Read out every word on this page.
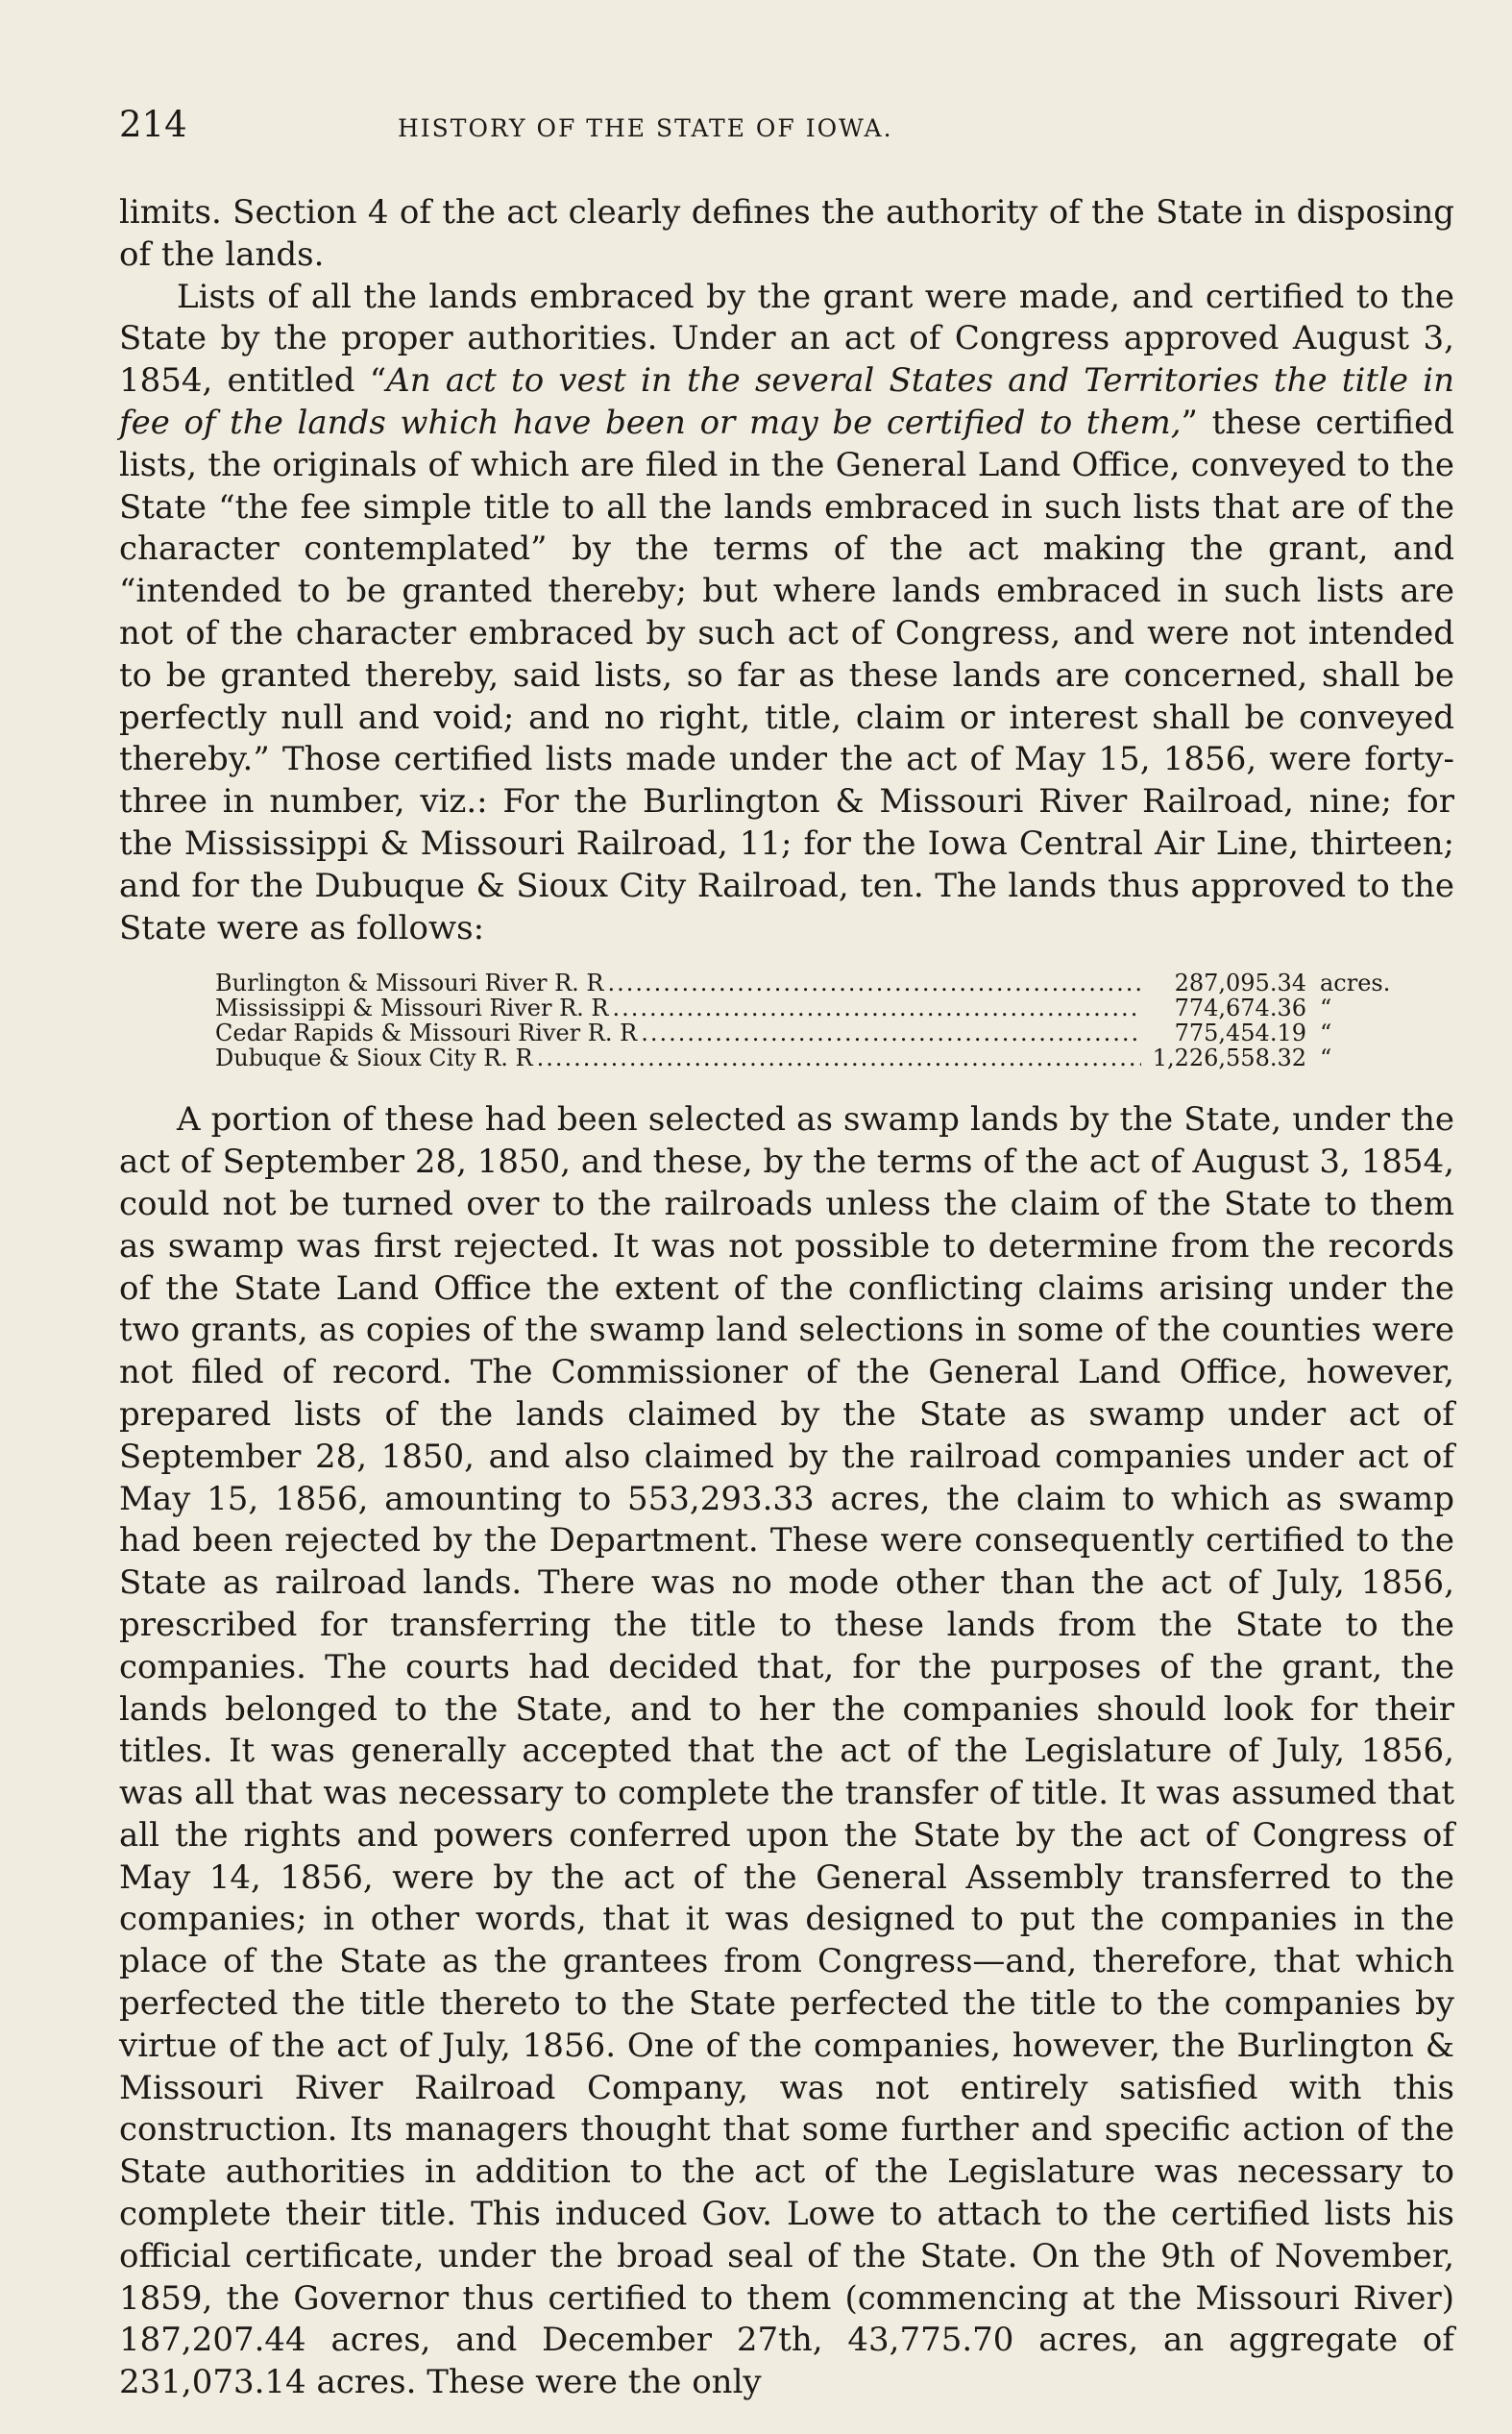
214	HISTORY OF THE STATE OF IOWA.

limits. Section 4 of the act clearly defines the authority of the State in disposing of the lands.

Lists of all the lands embraced by the grant were made, and certified to the State by the proper authorities. Under an act of Congress approved August 3, 1854, entitled “An act to vest in the several States and Territories the title in fee of the lands which have been or may be certified to them,” these certified lists, the originals of which are filed in the General Land Office, conveyed to the State “the fee simple title to all the lands embraced in such lists that are of the character contemplated” by the terms of the act making the grant, and “intended to be granted thereby; but where lands embraced in such lists are not of the character embraced by such act of Congress, and were not intended to be granted thereby, said lists, so far as these lands are concerned, shall be perfectly null and void; and no right, title, claim or interest shall be conveyed thereby.” Those certified lists made under the act of May 15, 1856, were forty-three in number, viz.: For the Burlington & Missouri River Railroad, nine; for the Mississippi & Missouri Railroad, 11; for the Iowa Central Air Line, thirteen; and for the Dubuque & Sioux City Railroad, ten. The lands thus approved to the State were as follows:

Burlington & Missouri River R. R .....	287,095.34 acres.
Mississippi & Missouri River R. R .....	774,674.36 “
Cedar Rapids & Missouri River R. R .....	775,454.19 “
Dubuque & Sioux City R. R .....	1,226,558.32 “

A portion of these had been selected as swamp lands by the State, under the act of September 28, 1850, and these, by the terms of the act of August 3, 1854, could not be turned over to the railroads unless the claim of the State to them as swamp was first rejected. It was not possible to determine from the records of the State Land Office the extent of the conflicting claims arising under the two grants, as copies of the swamp land selections in some of the counties were not filed of record. The Commissioner of the General Land Office, however, prepared lists of the lands claimed by the State as swamp under act of September 28, 1850, and also claimed by the railroad companies under act of May 15, 1856, amounting to 553,293.33 acres, the claim to which as swamp had been rejected by the Department. These were consequently certified to the State as railroad lands. There was no mode other than the act of July, 1856, prescribed for transferring the title to these lands from the State to the companies. The courts had decided that, for the purposes of the grant, the lands belonged to the State, and to her the companies should look for their titles. It was generally accepted that the act of the Legislature of July, 1856, was all that was necessary to complete the transfer of title. It was assumed that all the rights and powers conferred upon the State by the act of Congress of May 14, 1856, were by the act of the General Assembly transferred to the companies; in other words, that it was designed to put the companies in the place of the State as the grantees from Congress—and, therefore, that which perfected the title thereto to the State perfected the title to the companies by virtue of the act of July, 1856. One of the companies, however, the Burlington & Missouri River Railroad Company, was not entirely satisfied with this construction. Its managers thought that some further and specific action of the State authorities in addition to the act of the Legislature was necessary to complete their title. This induced Gov. Lowe to attach to the certified lists his official certificate, under the broad seal of the State. On the 9th of November, 1859, the Governor thus certified to them (commencing at the Missouri River) 187,207.44 acres, and December 27th, 43,775.70 acres, an aggregate of 231,073.14 acres. These were the only
